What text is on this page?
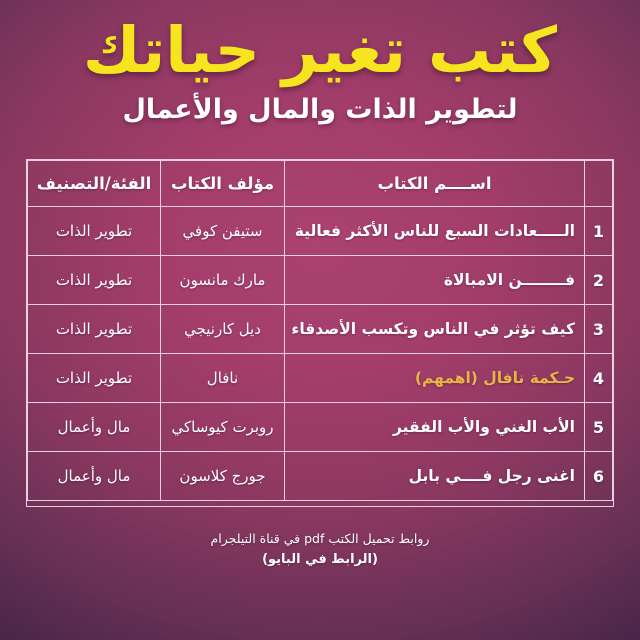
كتب تغير حياتك
لتطوير الذات والمال والأعمال
	اســــم الكتاب	مؤلف الكتاب	الفئة/التصنيف
1	الـــــعادات السبع للناس الأكثر فعالية	ستيفن كوفي	تطوير الذات
2	فــــــــن الامبالاة	مارك مانسون	تطوير الذات
3	كيف تؤثر في الناس وتكسب الأصدقاء	ديل كارنيجي	تطوير الذات
4	حـكمة نافال (اهمهم)	نافال	تطوير الذات
5	الأب الغني والأب الفقير	روبرت كيوساكي	مال وأعمال
6	اغنى رجل فــــي بابل	جورج كلاسون	مال وأعمال
روابط تحميل الكتب pdf في قناة التيلجرام
(الرابط في البايو)
